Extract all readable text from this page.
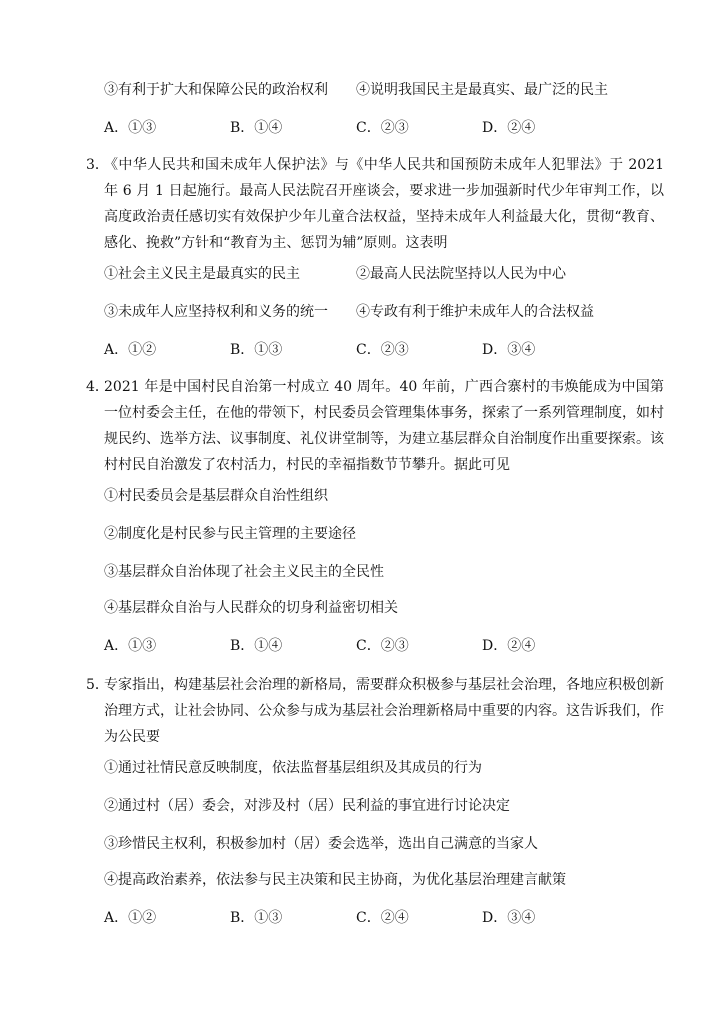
③有利于扩大和保障公民的政治权利 ④说明我国民主是最真实、最广泛的民主
A．①③	B．①④	C．②③	D．②④
3．
《中华人民共和国未成年人保护法》与《中华人民共和国预防未成年人犯罪法》于 2021 年 6 月 1 日起施行。最高人民法院召开座谈会，要求进一步加强新时代少年审判工作，以高度政治责任感切实有效保护少年儿童合法权益，坚持未成年人利益最大化，贯彻“教育、感化、挽救”方针和“教育为主、惩罚为辅”原则。这表明
①社会主义民主是最真实的民主	②最高人民法院坚持以人民为中心
③未成年人应坚持权利和义务的统一 ④专政有利于维护未成年人的合法权益
A．①②	B．①③	C．②③	D．③④
4．
2021 年是中国村民自治第一村成立 40 周年。40 年前，广西合寨村的韦焕能成为中国第一位村委会主任，在他的带领下，村民委员会管理集体事务，探索了一系列管理制度，如村规民约、选举方法、议事制度、礼仪讲堂制等，为建立基层群众自治制度作出重要探索。该村村民自治激发了农村活力，村民的幸福指数节节攀升。据此可见
①村民委员会是基层群众自治性组织
②制度化是村民参与民主管理的主要途径
③基层群众自治体现了社会主义民主的全民性
④基层群众自治与人民群众的切身利益密切相关
A．①③	B．①④	C．②③	D．②④
5．
专家指出，构建基层社会治理的新格局，需要群众积极参与基层社会治理，各地应积极创新治理方式，让社会协同、公众参与成为基层社会治理新格局中重要的内容。这告诉我们，作为公民要
①通过社情民意反映制度，依法监督基层组织及其成员的行为
②通过村（居）委会，对涉及村（居）民利益的事宜进行讨论决定
③珍惜民主权利，积极参加村（居）委会选举，选出自己满意的当家人
④提高政治素养，依法参与民主决策和民主协商，为优化基层治理建言献策
A．①②	B．①③	C．②④	D．③④
